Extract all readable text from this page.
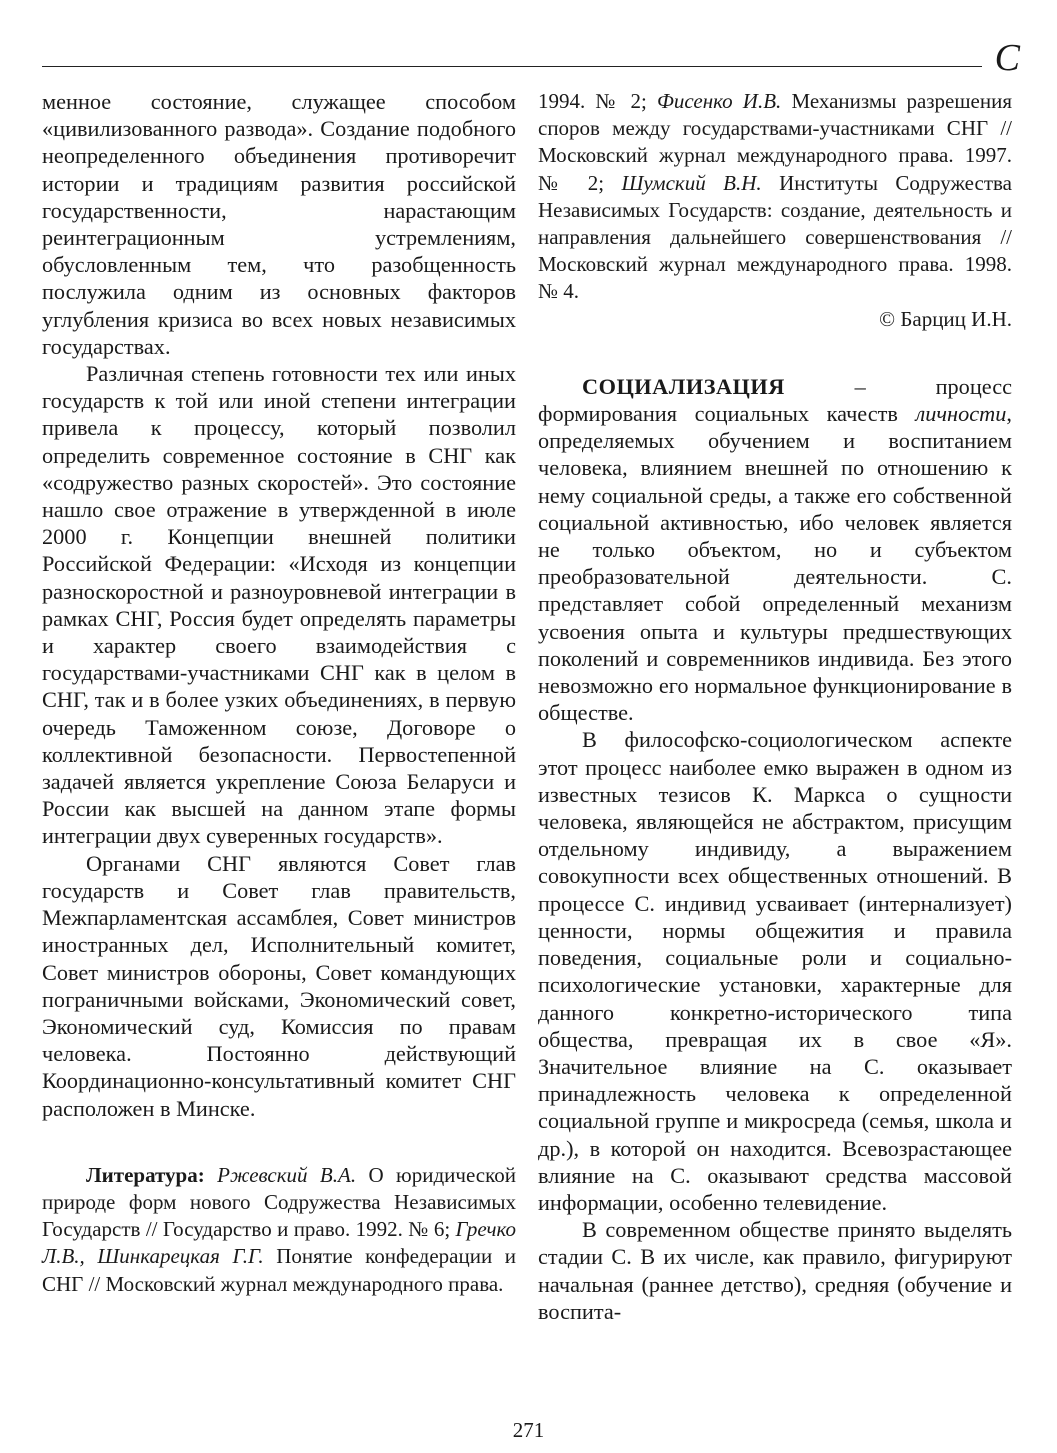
С

менное состояние, служащее способом «цивилизованного развода». Создание подобного неопределенного объединения противоречит истории и традициям развития российской государственности, нарастающим реинтеграционным устремлениям, обусловленным тем, что разобщенность послужила одним из основных факторов углубления кризиса во всех новых независимых государствах.

Различная степень готовности тех или иных государств к той или иной степени интеграции привела к процессу, который позволил определить современное состояние в СНГ как «содружество разных скоростей». Это состояние нашло свое отражение в утвержденной в июле 2000 г. Концепции внешней политики Российской Федерации: «Исходя из концепции разноскоростной и разноуровневой интеграции в рамках СНГ, Россия будет определять параметры и характер своего взаимодействия с государствами-участниками СНГ как в целом в СНГ, так и в более узких объединениях, в первую очередь Таможенном союзе, Договоре о коллективной безопасности. Первостепенной задачей является укрепление Союза Беларуси и России как высшей на данном этапе формы интеграции двух суверенных государств».

Органами СНГ являются Совет глав государств и Совет глав правительств, Межпарламентская ассамблея, Совет министров иностранных дел, Исполнительный комитет, Совет министров обороны, Совет командующих пограничными войсками, Экономический совет, Экономический суд, Комиссия по правам человека. Постоянно действующий Координационно-консультативный комитет СНГ расположен в Минске.

Литература: Ржевский В.А. О юридической природе форм нового Содружества Независимых Государств // Государство и право. 1992. № 6; Гречко Л.В., Шинкарецкая Г.Г. Понятие конфедерации и СНГ // Московский журнал международного права.

1994. № 2; Фисенко И.В. Механизмы разрешения споров между государствами-участниками СНГ // Московский журнал международного права. 1997. № 2; Шумский В.Н. Институты Содружества Независимых Государств: создание, деятельность и направления дальнейшего совершенствования // Московский журнал международного права. 1998. № 4.

© Барциц И.Н.

СОЦИАЛИЗАЦИЯ – процесс формирования социальных качеств личности, определяемых обучением и воспитанием человека, влиянием внешней по отношению к нему социальной среды, а также его собственной социальной активностью, ибо человек является не только объектом, но и субъектом преобразовательной деятельности. С. представляет собой определенный механизм усвоения опыта и культуры предшествующих поколений и современников индивида. Без этого невозможно его нормальное функционирование в обществе.

В философско-социологическом аспекте этот процесс наиболее емко выражен в одном из известных тезисов К. Маркса о сущности человека, являющейся не абстрактом, присущим отдельному индивиду, а выражением совокупности всех общественных отношений. В процессе С. индивид усваивает (интернализует) ценности, нормы общежития и правила поведения, социальные роли и социально-психологические установки, характерные для данного конкретно-исторического типа общества, превращая их в свое «Я». Значительное влияние на С. оказывает принадлежность человека к определенной социальной группе и микросреда (семья, школа и др.), в которой он находится. Всевозрастающее влияние на С. оказывают средства массовой информации, особенно телевидение.

В современном обществе принято выделять стадии С. В их числе, как правило, фигурируют начальная (раннее детство), средняя (обучение и воспита-

271
